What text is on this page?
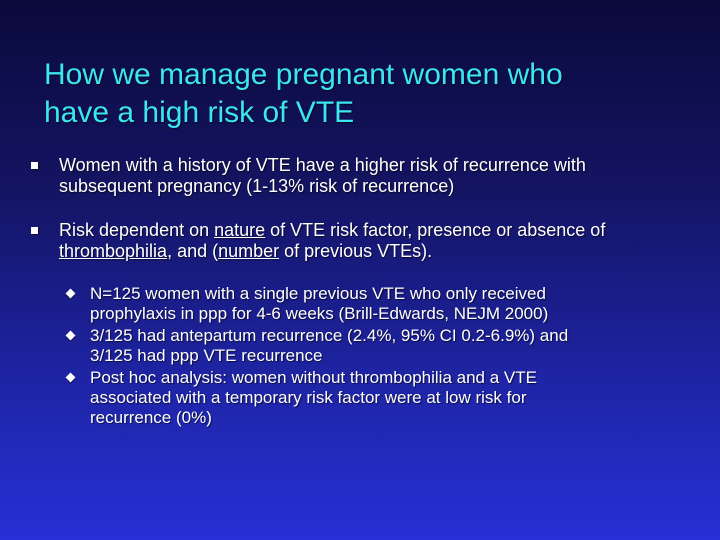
How we manage pregnant women who
have a high risk of VTE
Women with a history of VTE have a higher risk of recurrence with
subsequent pregnancy (1-13% risk of recurrence)
Risk dependent on nature of VTE risk factor, presence or absence of
thrombophilia, and (number of previous VTEs).
N=125 women with a single previous VTE who only received
prophylaxis in ppp for 4-6 weeks (Brill-Edwards, NEJM 2000)
3/125 had antepartum recurrence (2.4%, 95% CI 0.2-6.9%) and
3/125 had ppp VTE recurrence
Post hoc analysis: women without thrombophilia and a VTE
associated with a temporary risk factor were at low risk for
recurrence (0%)
